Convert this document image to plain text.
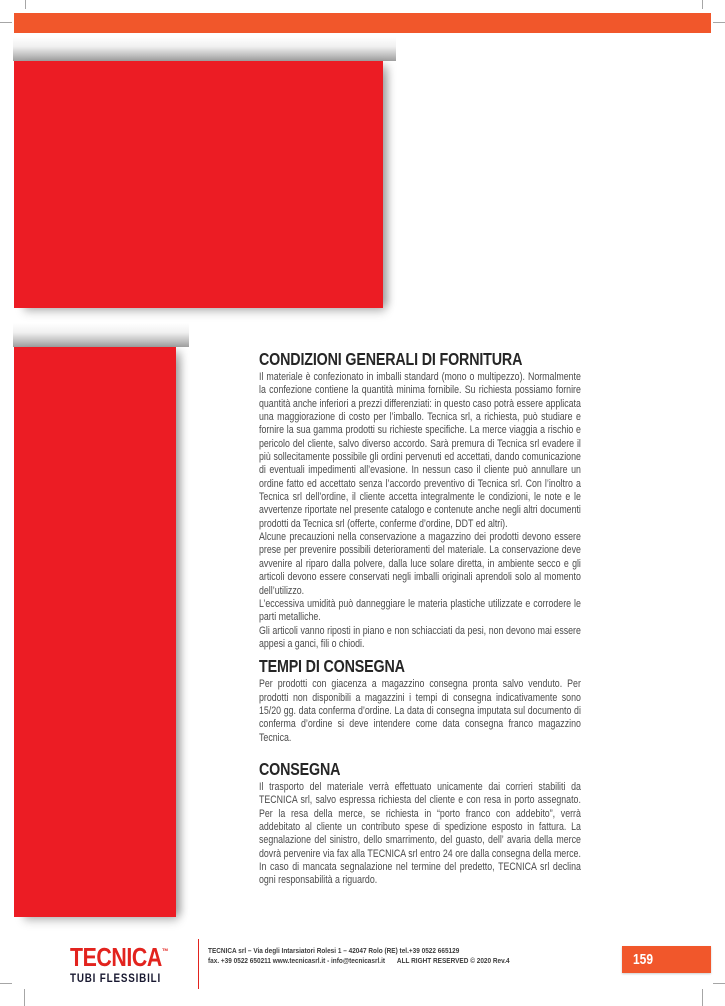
CONDIZIONI GENERALI DI FORNITURA

Il materiale è confezionato in imballi standard (mono o multipezzo). Normalmente la confezione contiene la quantità minima fornibile. Su richiesta possiamo fornire quantità anche inferiori a prezzi differenziati: in questo caso potrà essere applicata una maggiorazione di costo per l’imballo. Tecnica srl, a richiesta, può studiare e fornire la sua gamma prodotti su richieste specifiche. La merce viaggia a rischio e pericolo del cliente, salvo diverso accordo. Sarà premura di Tecnica srl evadere il più sollecitamente possibile gli ordini pervenuti ed accettati, dando comunicazione di eventuali impedimenti all’evasione. In nessun caso il cliente può annullare un ordine fatto ed accettato senza l’accordo preventivo di Tecnica srl. Con l’inoltro a Tecnica srl dell’ordine, il cliente accetta integralmente le condizioni, le note e le avvertenze riportate nel presente catalogo e contenute anche negli altri documenti prodotti da Tecnica srl (offerte, conferme d’ordine, DDT ed altri).

Alcune precauzioni nella conservazione a magazzino dei prodotti devono essere prese per prevenire possibili deterioramenti del materiale. La conservazione deve avvenire al riparo dalla polvere, dalla luce solare diretta, in ambiente secco e gli articoli devono essere conservati negli imballi originali aprendoli solo al momento dell’utilizzo.

L’eccessiva umidità può danneggiare le materia plastiche utilizzate e corrodere le parti metalliche.

Gli articoli vanno riposti in piano e non schiacciati da pesi, non devono mai essere appesi a ganci, fili o chiodi.

TEMPI DI CONSEGNA

Per prodotti con giacenza a magazzino consegna pronta salvo venduto. Per prodotti non disponibili a magazzini i tempi di consegna indicativamente sono 15/20 gg. data conferma d’ordine. La data di consegna imputata sul documento di conferma d’ordine si deve intendere come data consegna franco magazzino Tecnica.

CONSEGNA

Il trasporto del materiale verrà effettuato unicamente dai corrieri stabiliti da TECNICA srl, salvo espressa richiesta del cliente e con resa in porto assegnato. Per la resa della merce, se richiesta in “porto franco con addebito”, verrà addebitato al cliente un contributo spese di spedizione esposto in fattura. La segnalazione del sinistro, dello smarrimento, del guasto, dell’ avaria della merce dovrà pervenire via fax alla TECNICA srl entro 24 ore dalla consegna della merce. In caso di mancata segnalazione nel termine del predetto, TECNICA srl declina ogni responsabilità a riguardo.

TECNICA™
TUBI FLESSIBILI
TECNICA srl – Via degli Intarsiatori Rolesi 1 – 42047 Rolo (RE) tel.+39 0522 665129
fax. +39 0522 650211 www.tecnicasrl.it - info@tecnicasrl.it ALL RIGHT RESERVED © 2020 Rev.4	159
